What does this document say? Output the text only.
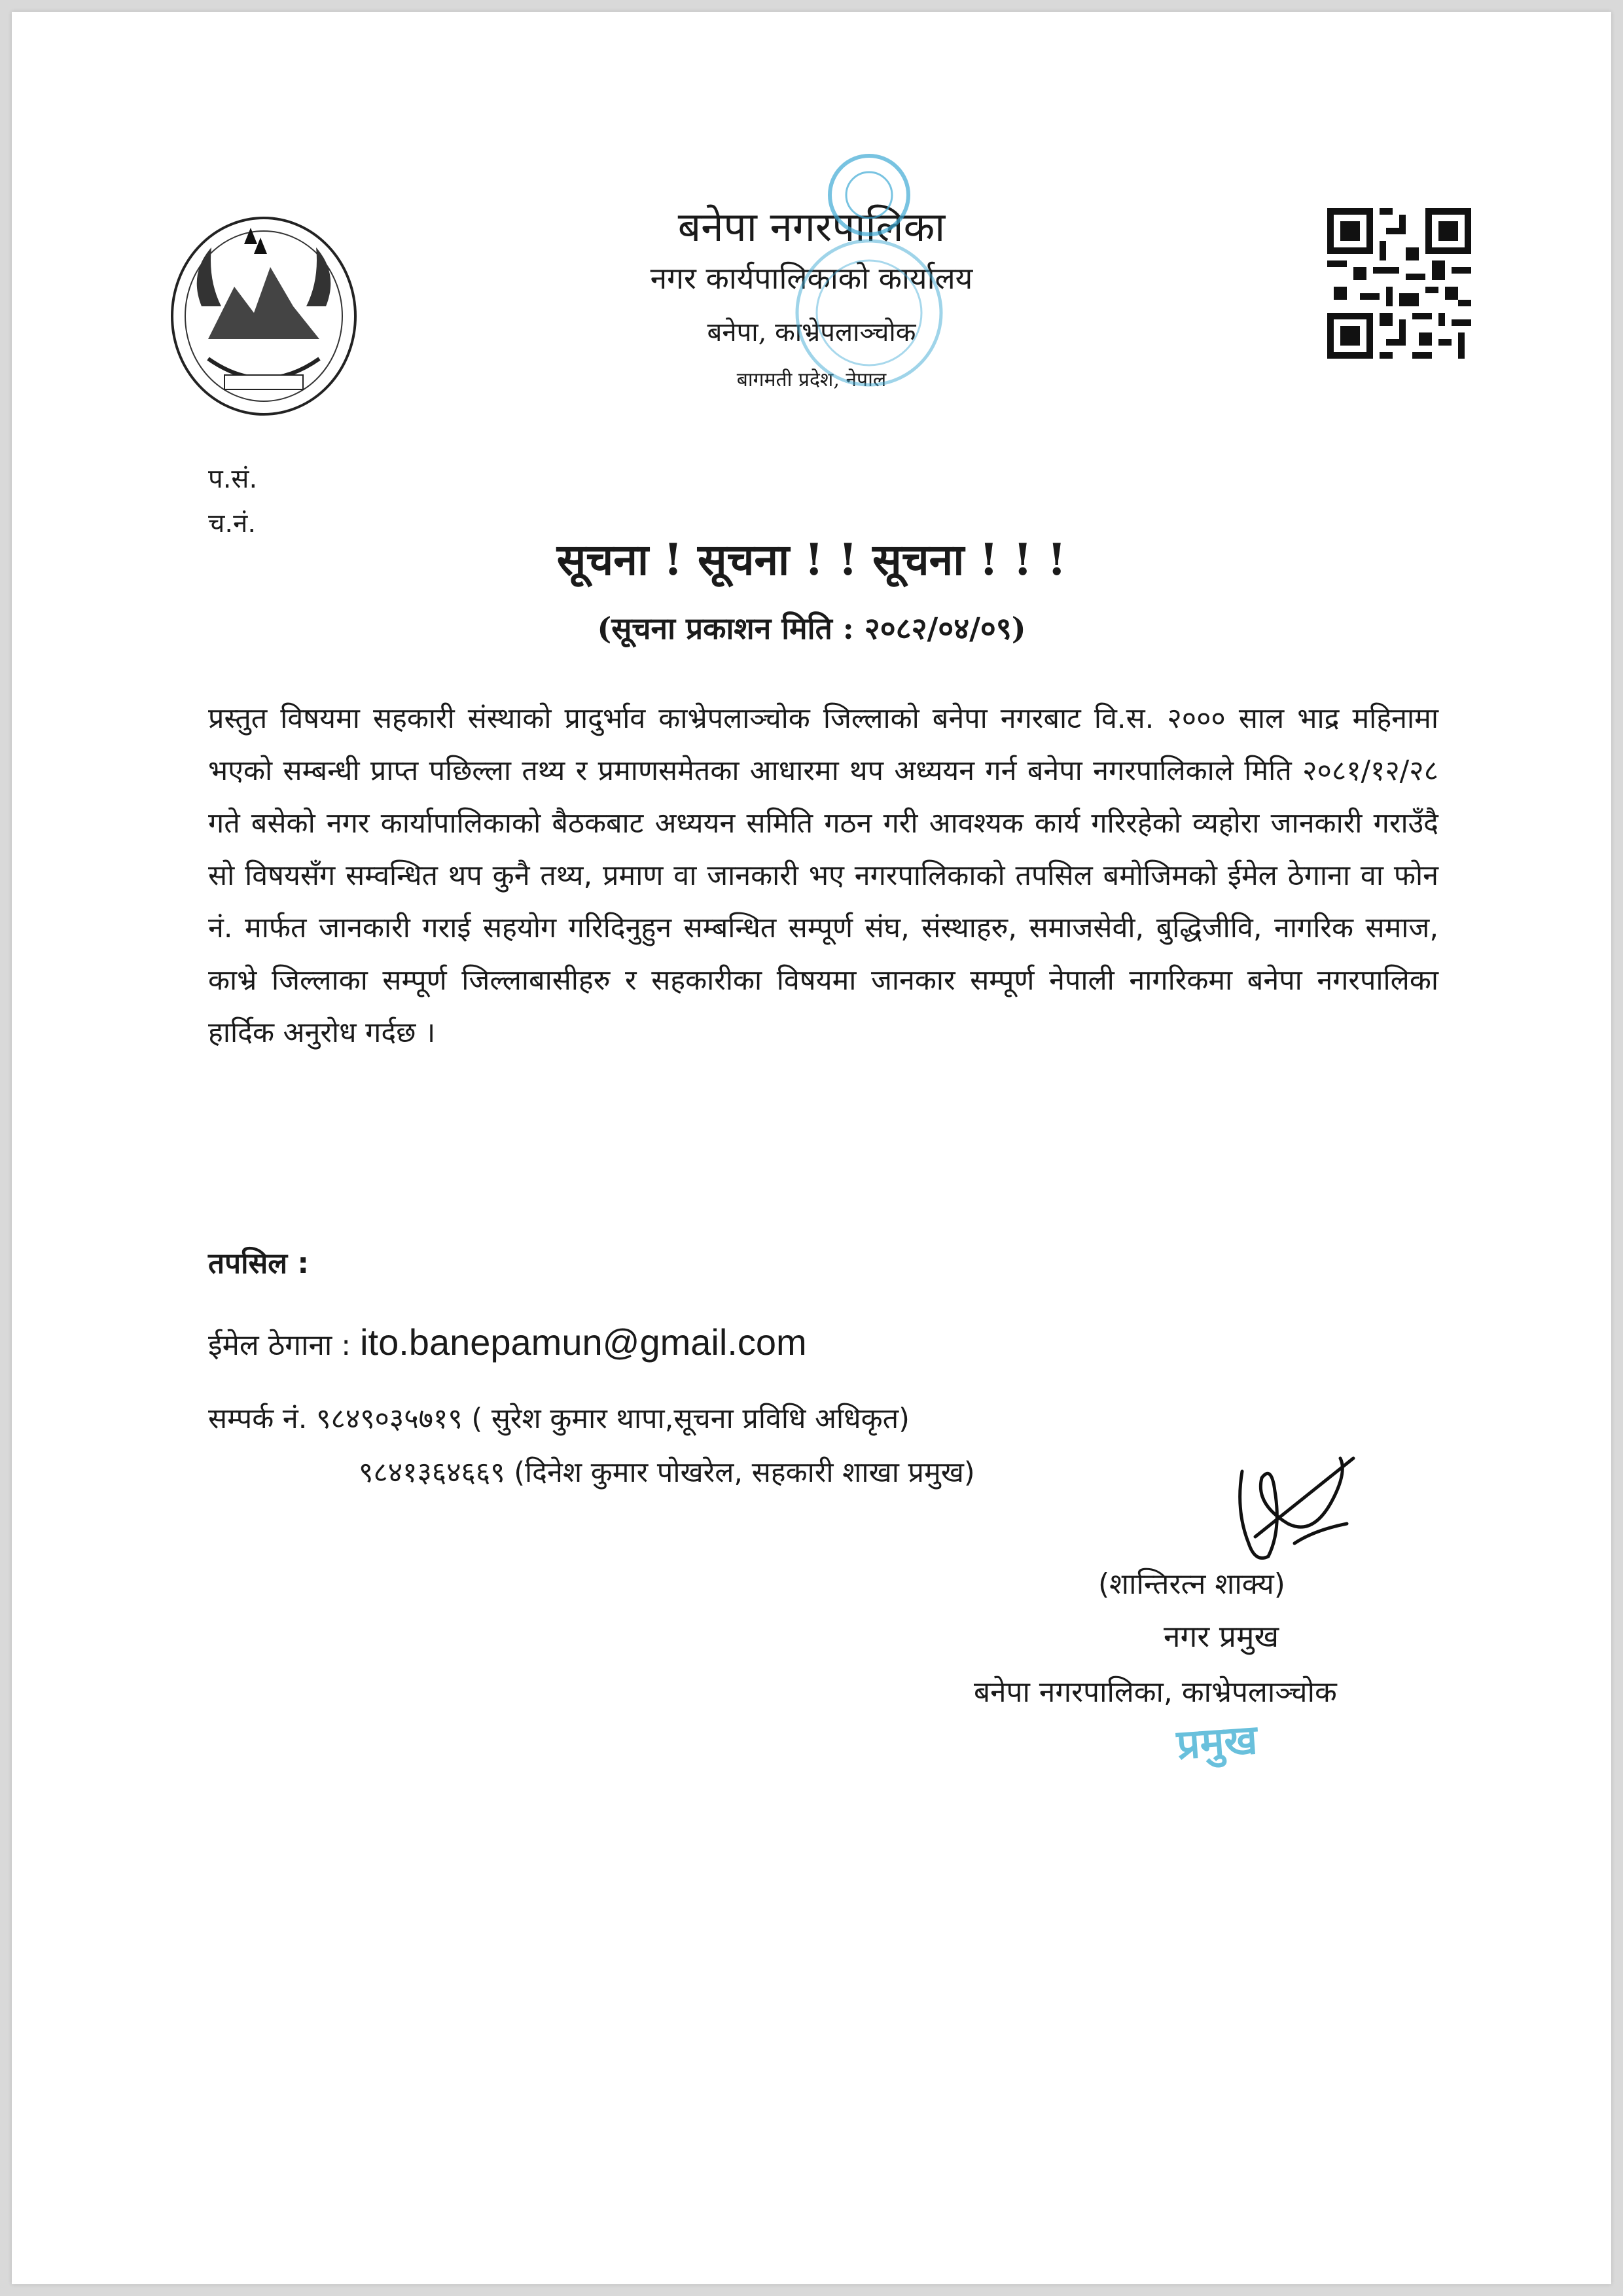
बनेपा नगरपालिका
नगर कार्यपालिकाको कार्यालय
बनेपा, काभ्रेपलाञ्चोक
बागमती प्रदेश, नेपाल
प.सं.
च.नं.
सूचना ! सूचना ! ! सूचना ! ! !
(सूचना प्रकाशन मिति : २०८२/०४/०९)
प्रस्तुत विषयमा सहकारी संस्थाको प्रादुर्भाव काभ्रेपलाञ्चोक जिल्लाको बनेपा नगरबाट वि.स. २००० साल भाद्र महिनामा भएको सम्बन्धी प्राप्त पछिल्ला तथ्य र प्रमाणसमेतका आधारमा थप अध्ययन गर्न बनेपा नगरपालिकाले मिति २०८१/१२/२८ गते बसेको नगर कार्यापालिकाको बैठकबाट अध्ययन समिति गठन गरी आवश्यक कार्य गरिरहेको व्यहोरा जानकारी गराउँदै सो विषयसँग सम्वन्धित थप कुनै तथ्य, प्रमाण वा जानकारी भए नगरपालिकाको तपसिल बमोजिमको ईमेल ठेगाना वा फोन नं. मार्फत जानकारी गराई सहयोग गरिदिनुहुन सम्बन्धित सम्पूर्ण संघ, संस्थाहरु, समाजसेवी, बुद्धिजीवि, नागरिक समाज, काभ्रे जिल्लाका सम्पूर्ण जिल्लाबासीहरु र सहकारीका विषयमा जानकार सम्पूर्ण नेपाली नागरिकमा बनेपा नगरपालिका हार्दिक अनुरोध गर्दछ ।
तपसिल :
ईमेल ठेगाना : ito.banepamun@gmail.com
सम्पर्क नं. ९८४९०३५७१९ ( सुरेश कुमार थापा,सूचना प्रविधि अधिकृत)
९८४१३६४६६९ (दिनेश कुमार पोखरेल, सहकारी शाखा प्रमुख)
(शान्तिरत्न शाक्य)
नगर प्रमुख
बनेपा नगरपालिका, काभ्रेपलाञ्चोक
प्रमुख
